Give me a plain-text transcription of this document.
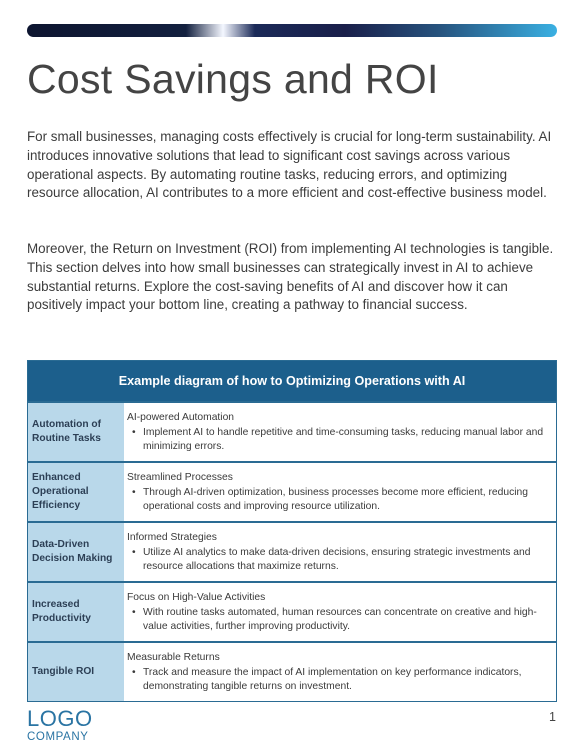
Cost Savings and ROI

For small businesses, managing costs effectively is crucial for long-term sustainability. AI introduces innovative solutions that lead to significant cost savings across various operational aspects. By automating routine tasks, reducing errors, and optimizing resource allocation, AI contributes to a more efficient and cost-effective business model.

Moreover, the Return on Investment (ROI) from implementing AI technologies is tangible. This section delves into how small businesses can strategically invest in AI to achieve substantial returns. Explore the cost-saving benefits of AI and discover how it can positively impact your bottom line, creating a pathway to financial success.

Example diagram of how to Optimizing Operations with AI
Automation of Routine Tasks
AI-powered Automation
• Implement AI to handle repetitive and time-consuming tasks, reducing manual labor and minimizing errors.
Enhanced Operational Efficiency
Streamlined Processes
• Through AI-driven optimization, business processes become more efficient, reducing operational costs and improving resource utilization.
Data-Driven Decision Making
Informed Strategies
• Utilize AI analytics to make data-driven decisions, ensuring strategic investments and resource allocations that maximize returns.
Increased Productivity
Focus on High-Value Activities
• With routine tasks automated, human resources can concentrate on creative and high-value activities, further improving productivity.
Tangible ROI
Measurable Returns
• Track and measure the impact of AI implementation on key performance indicators, demonstrating tangible returns on investment.
LOGO
COMPANY
1
